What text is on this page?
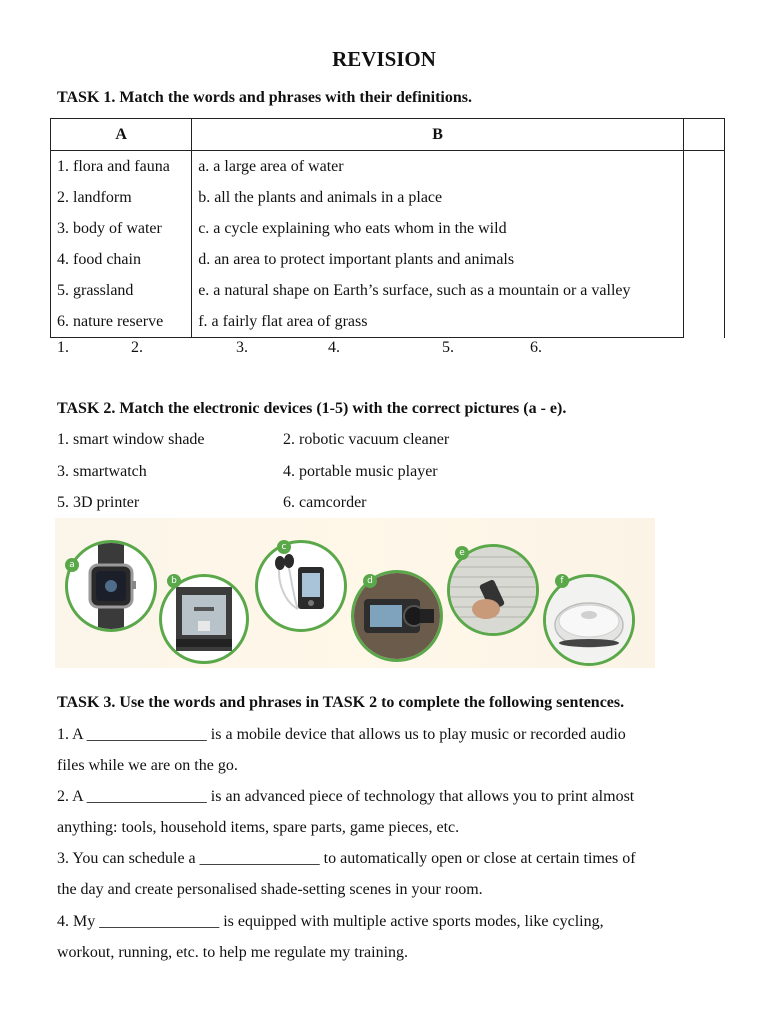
REVISION
TASK 1. Match the words and phrases with their definitions.
A	B	
1. flora and fauna	a. a large area of water	
2. landform	b. all the plants and animals in a place	
3. body of water	c. a cycle explaining who eats whom in the wild	
4. food chain	d. an area to protect important plants and animals	
5. grassland	e. a natural shape on Earth’s surface, such as a mountain or a valley	
6. nature reserve	f. a fairly flat area of grass	
1.	2.	3.	4.	5.	6.
TASK 2. Match the electronic devices (1-5) with the correct pictures (a - e).
1. smart window shade	2. robotic vacuum cleaner
3. smartwatch	4. portable music player
5. 3D printer	6. camcorder
a
b
c
d
e
f
TASK 3. Use the words and phrases in TASK 2 to complete the following sentences.
1. A _______________ is a mobile device that allows us to play music or recorded audio
files while we are on the go.
2. A _______________ is an advanced piece of technology that allows you to print almost
anything: tools, household items, spare parts, game pieces, etc.
3. You can schedule a _______________ to automatically open or close at certain times of
the day and create personalised shade-setting scenes in your room.
4. My _______________ is equipped with multiple active sports modes, like cycling,
workout, running, etc. to help me regulate my training.
